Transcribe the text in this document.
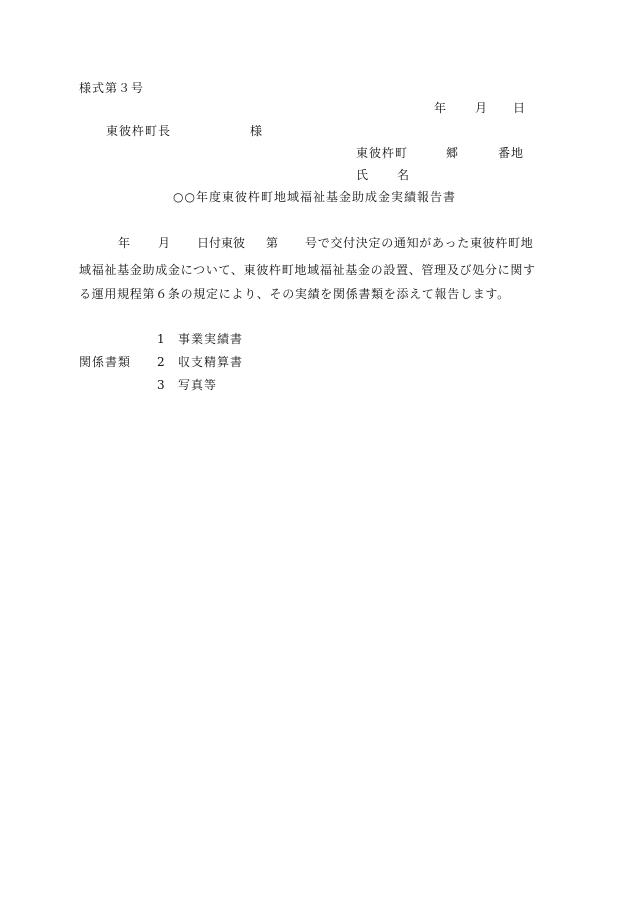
様式第３号
年 月 日
東彼杵町長	様
東彼杵町	郷	番地
氏 名
○○年度東彼杵町地域福祉基金助成金実績報告書
年 月 日付東彼 第 号で交付決定の通知があった東彼杵町地
域福祉基金助成金について、東彼杵町地域福祉基金の設置、管理及び処分に関す
る運用規程第６条の規定により、その実績を関係書類を添えて報告します。
関係書類
1 事業実績書
2 収支精算書
3 写真等
